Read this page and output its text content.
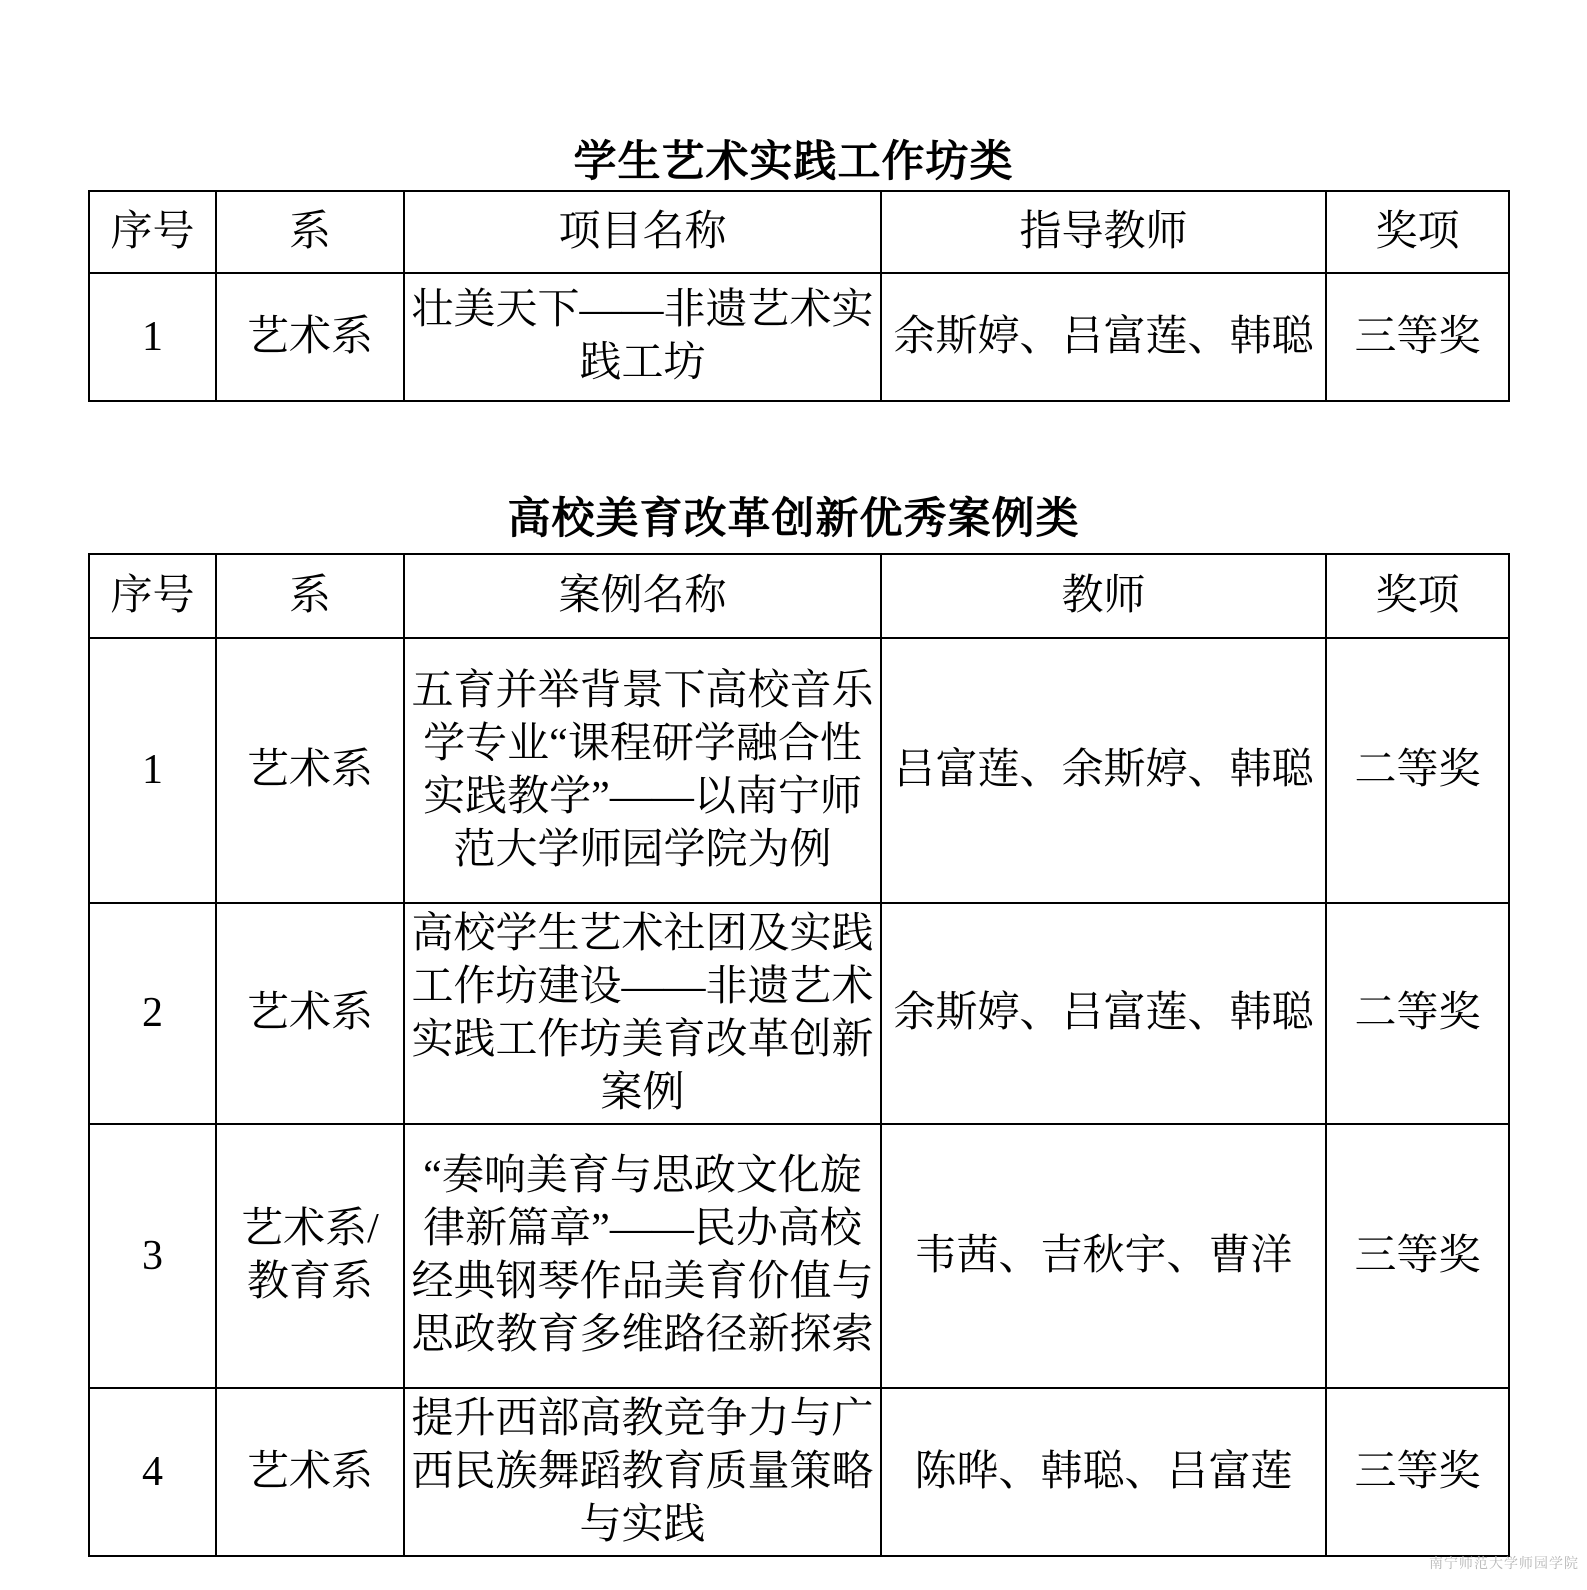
学生艺术实践工作坊类
序号	系	项目名称	指导教师	奖项
1	艺术系	壮美天下——非遗艺术实践工坊	余斯婷、吕富莲、韩聪	三等奖
高校美育改革创新优秀案例类
序号	系	案例名称	教师	奖项
1	艺术系	五育并举背景下高校音乐学专业“课程研学融合性实践教学”——以南宁师范大学师园学院为例	吕富莲、余斯婷、韩聪	二等奖
2	艺术系	高校学生艺术社团及实践工作坊建设——非遗艺术实践工作坊美育改革创新案例	余斯婷、吕富莲、韩聪	二等奖
3	艺术系/教育系	“奏响美育与思政文化旋律新篇章”——民办高校经典钢琴作品美育价值与思政教育多维路径新探索	韦茜、吉秋宇、曹洋	三等奖
4	艺术系	提升西部高教竞争力与广西民族舞蹈教育质量策略与实践	陈晔、韩聪、吕富莲	三等奖
南宁师范大学师园学院
